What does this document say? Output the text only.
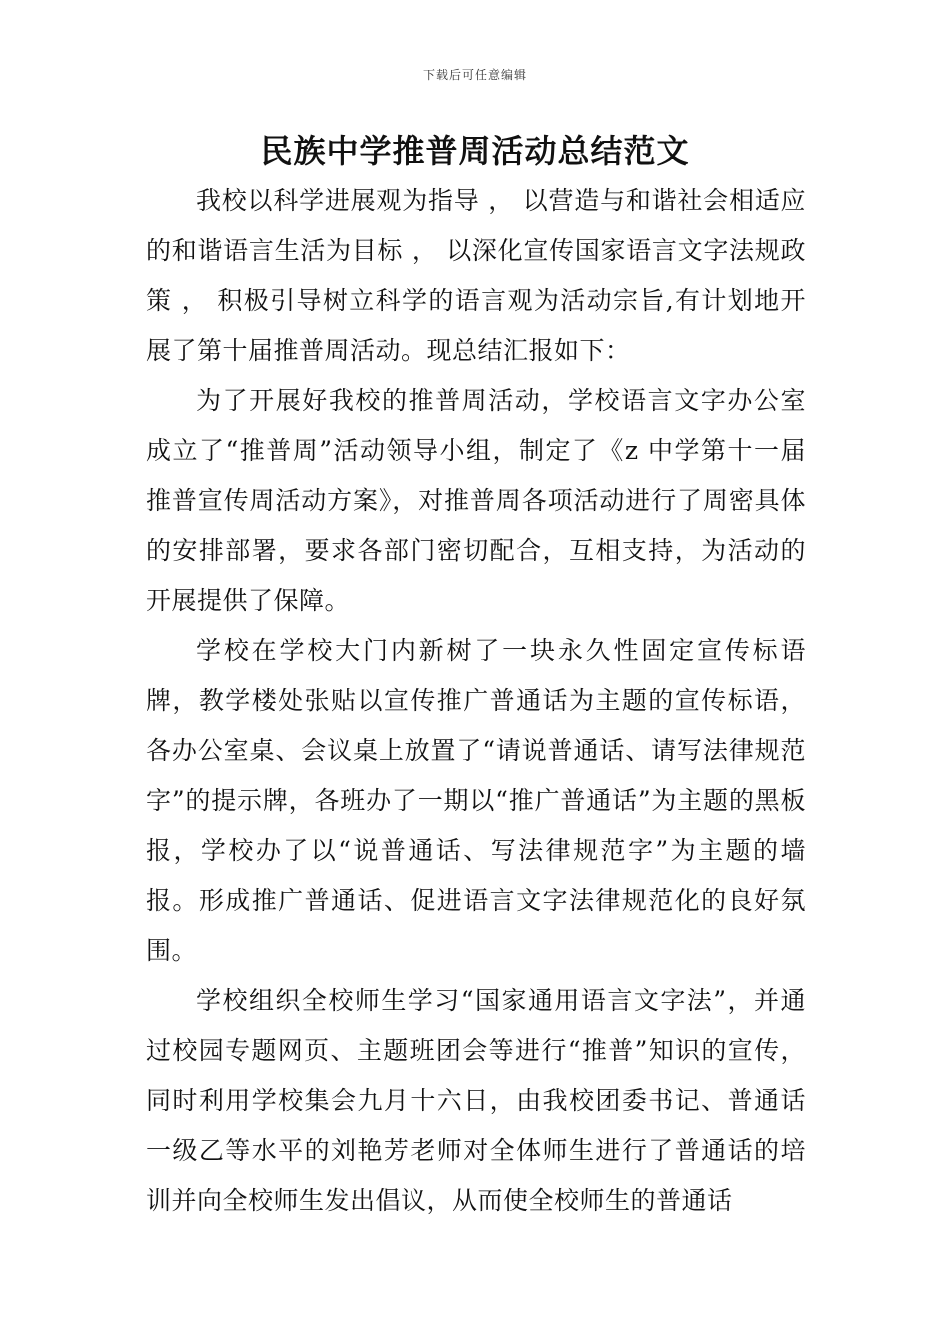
下载后可任意编辑
民族中学推普周活动总结范文

我校以科学进展观为指导 ， 以营造与和谐社会相适应的和谐语言生活为目标 ， 以深化宣传国家语言文字法规政策 ， 积极引导树立科学的语言观为活动宗旨,有计划地开展了第十届推普周活动。现总结汇报如下：

为了开展好我校的推普周活动，学校语言文字办公室成立了“推普周”活动领导小组，制定了《z 中学第十一届推普宣传周活动方案》，对推普周各项活动进行了周密具体的安排部署，要求各部门密切配合，互相支持，为活动的开展提供了保障。

学校在学校大门内新树了一块永久性固定宣传标语牌，教学楼处张贴以宣传推广普通话为主题的宣传标语，各办公室桌、会议桌上放置了“请说普通话、请写法律规范字”的提示牌，各班办了一期以“推广普通话”为主题的黑板报，学校办了以“说普通话、写法律规范字”为主题的墙报。形成推广普通话、促进语言文字法律规范化的良好氛围。

学校组织全校师生学习“国家通用语言文字法”，并通过校园专题网页、主题班团会等进行“推普”知识的宣传，同时利用学校集会九月十六日，由我校团委书记、普通话一级乙等水平的刘艳芳老师对全体师生进行了普通话的培训并向全校师生发出倡议，从而使全校师生的普通话
